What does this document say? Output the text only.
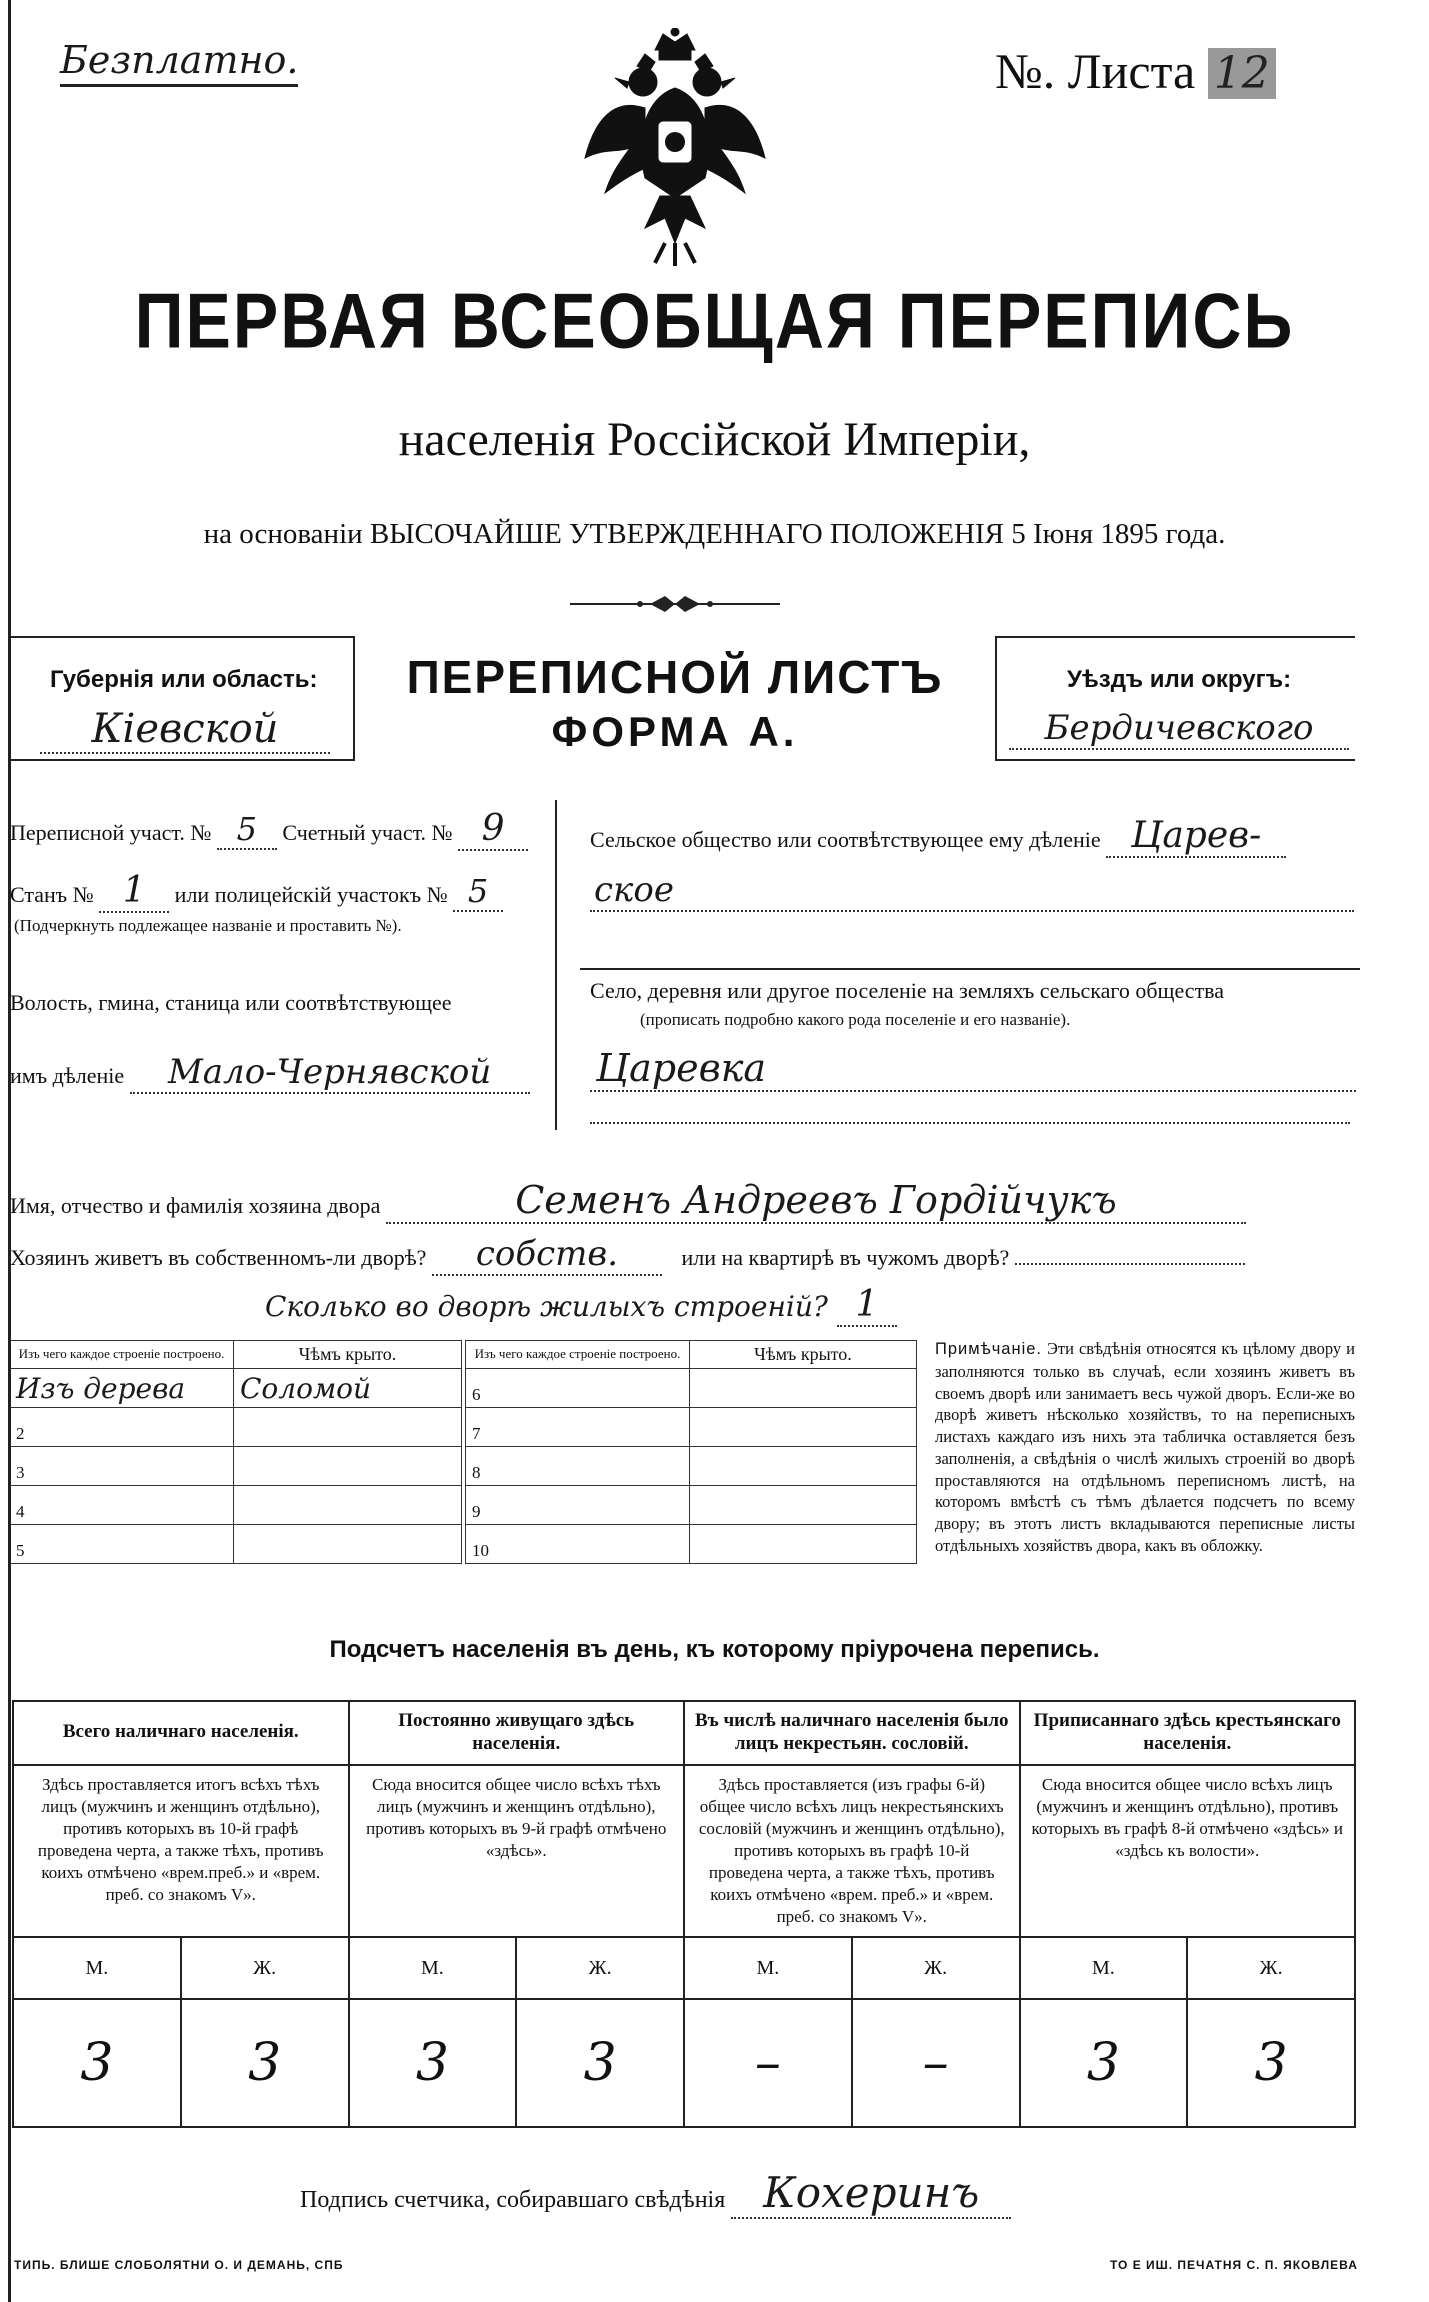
Безплатно.	№. Листа 12
ПЕРВАЯ ВСЕОБЩАЯ ПЕРЕПИСЬ
населенія Россійской Имперіи,
на основаніи ВЫСОЧАЙШЕ УТВЕРЖДЕННАГО ПОЛОЖЕНІЯ 5 Іюня 1895 года.
Губернія или область:
Кіевской
ПЕРЕПИСНОЙ ЛИСТЪ
ФОРМА А.
Уѣздъ или округъ:
Бердичевского
Переписной участ. № 5 Счетный участ. № 9
Станъ № 1 или полицейскій участокъ № 5
(Подчеркнуть подлежащее названіе и проставить №).
Волость, гмина, станица или соотвѣтствующее
имъ дѣленіе Мало-Чернявской
Сельское общество или соотвѣтствующее ему дѣленіе Царев-
ское
Село, деревня или другое поселеніе на земляхъ сельскаго общества
(прописать подробно какого рода поселеніе и его названіе).
Царевка
Имя, отчество и фамилія хозяина двора	Семенъ Андреевъ Гордійчукъ
Хозяинъ живетъ въ собственномъ-ли дворѣ? собств.	или на квартирѣ въ чужомъ дворѣ?
Сколько во дворѣ жилыхъ строеній? 1
Изъ чего каждое строеніе построено.	Чѣмъ крыто.
Изъ дерева	Соломой
2	
3	
4	
5	
Изъ чего каждое строеніе построено.	Чѣмъ крыто.
6	
7	
8	
9	
10	
Примѣчаніе. Эти свѣдѣнія относятся къ цѣлому двору и заполняются только въ случаѣ, если хозяинъ живетъ въ своемъ дворѣ или занимаетъ весь чужой дворъ. Если-же во дворѣ живетъ нѣсколько хозяйствъ, то на переписныхъ листахъ каждаго изъ нихъ эта табличка оставляется безъ заполненія, а свѣдѣнія о числѣ жилыхъ строеній во дворѣ проставляются на отдѣльномъ переписномъ листѣ, на которомъ вмѣстѣ съ тѣмъ дѣлается подсчетъ по всему двору; въ этотъ листъ вкладываются переписные листы отдѣльныхъ хозяйствъ двора, какъ въ обложку.
Подсчетъ населенія въ день, къ которому пріурочена перепись.
Всего наличнаго населенія.		Постоянно живущаго здѣсь населенія.		Въ числѣ наличнаго населенія было лицъ некрестьян. сословій.		Приписаннаго здѣсь крестьянскаго населенія.	
Здѣсь проставляется итогъ всѣхъ тѣхъ лицъ (мужчинъ и женщинъ отдѣльно), противъ которыхъ въ 10-й графѣ проведена черта, а также тѣхъ, противъ коихъ отмѣчено «врем.преб.» и «врем. преб. со знакомъ V».		Сюда вносится общее число всѣхъ тѣхъ лицъ (мужчинъ и женщинъ отдѣльно), противъ которыхъ въ 9-й графѣ отмѣчено «здѣсь».		Здѣсь проставляется (изъ графы 6-й) общее число всѣхъ лицъ некрестьянскихъ сословій (мужчинъ и женщинъ отдѣльно), противъ которыхъ въ графѣ 10-й проведена черта, а также тѣхъ, противъ коихъ отмѣчено «врем. преб.» и «врем. преб. со знакомъ V».		Сюда вносится общее число всѣхъ лицъ (мужчинъ и женщинъ отдѣльно), противъ которыхъ въ графѣ 8-й отмѣчено «здѣсь» и «здѣсь къ волости».	
М.	Ж.	М.	Ж.	М.	Ж.	М.	Ж.
3	3	3	3	–	–	3	3
Подпись счетчика, собиравшаго свѣдѣнія Кохеринъ
ТИПЬ. БЛИШЕ СЛОБОЛЯТНИ О. И ДЕМАНЬ, СПБ	ТО Е ИШ. ПЕЧАТНЯ С. П. ЯКОВЛЕВА
